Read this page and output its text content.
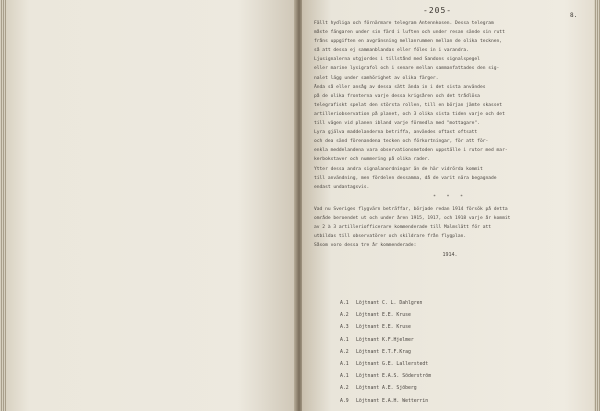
-205-
8.

Fällt hydliga och förnärmare telegram Antennkosen. Dessa telegram

måste fängaren under sin färd i luften och under resan sände sin rutt

fråns uppgiften en avgränsning mellanrummen mellan de olika tecknen,

så att dessa ej sammanblandas eller föles in i varandra.

Ljusignalerna utgjordes i tillstånd med Sandons signalspegel

eller marine lysigrafol och i senare mellan sammanfattades den sig-

nalet lägg under samhörighet av olika färger.

Ända så eller ansåg av dessa sätt ända in i det sista användes

på de olika fronterna varje dessa krigsåren och det trådlösa

telegrafiskt spelat den största rollen, till en början jämte skasset

artilleriobservation på planet, och 3 olika sista tiden varje och det

till vägen vid planen ibland varje förmedla med "mottagare".

Lyra gjälva maddelanderna betriffa, användes oftast oftsatt

och dea sänd förenandena tecken och förkortningar, för att för-

enkla meddelandena vara observationsmetoden uppställe i rutor med mar-

kerbokstaver och nummering på olika rader.

Ytter dessa andra signalanordningar än de här vidrörda kommit

till användning, men fördelen dessamma, då de varit nära begagnade

endast undantagsvis.

* * *

Vad nu Sveriges flygvärn beträffar, började redan 1914 försök på detta

område beroendet ut och under åren 1915, 1917, och 1918 varje år kommit

av 2 à 3 artilleriofficerare kommenderade till Malmslätt för att

utbildas till observatörer och skildrare från flygplan.

Såsom voro dessa tre år kommenderade:

1914.
A.1 Löjtnant C. L. Dahlgren
A.2 Löjtnant E.E. Kruse
A.3 Löjtnant E.E. Kruse
A.1 Löjtnant K.F.Hjelmer
A.2 Löjtnant E.T.F.Krag
A.1 Löjtnant G.E. Lallerstedt
A.1 Löjtnant E.A.S. Söderström
A.2 Löjtnant A.E. Sjöberg
A.9 Löjtnant E.A.H. Wetterrin
